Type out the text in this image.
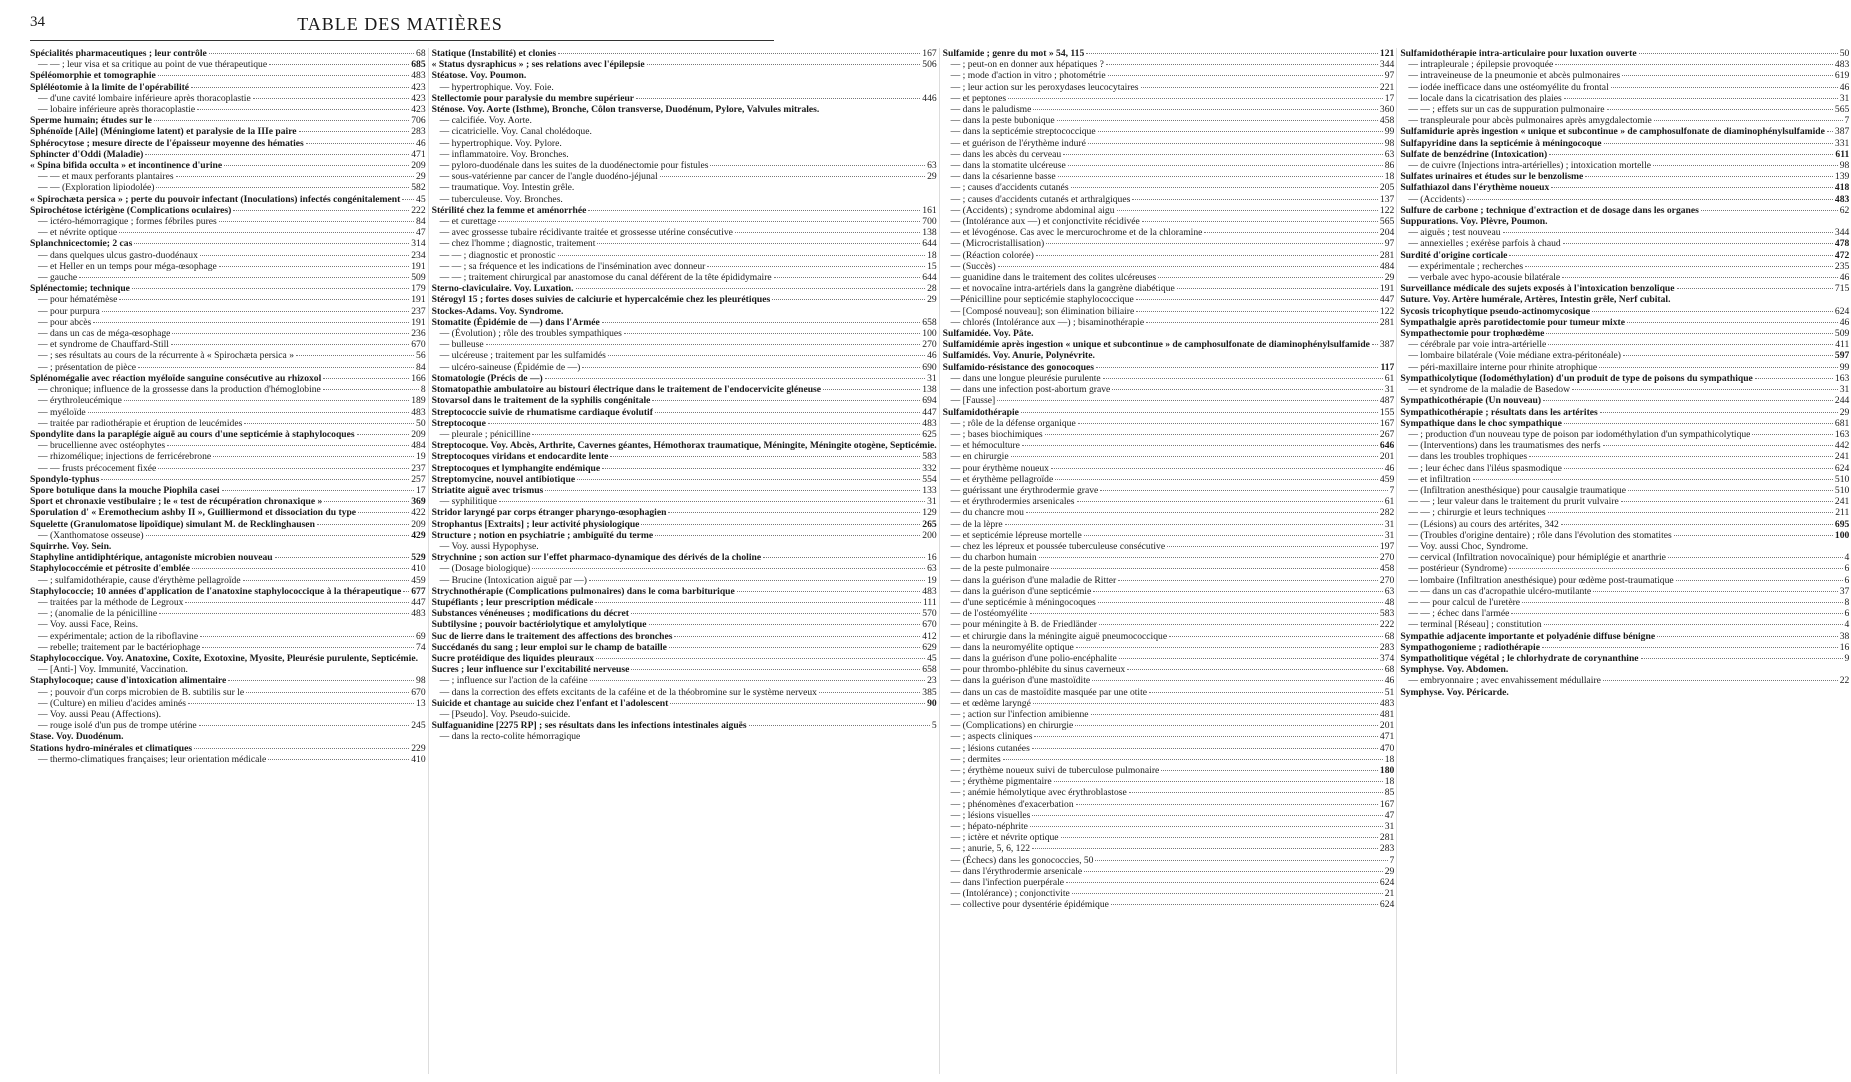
34	TABLE DES MATIÈRES
Spécialités pharmaceutiques ; leur contrôle	68
— — ; leur visa et sa critique au point de vue thérapeutique	685
Spéléomorphie et tomographie	483
Spléléotomie à la limite de l'opérabilité	423
— d'une cavité lombaire inférieure après thoracoplastie	423
— lobaire inférieure après thoracoplastie	423
Sperme humain; études sur le	706
Sphénoïde [Aile] (Méningiome latent) et paralysie de la IIIe paire	283
Sphérocytose ; mesure directe de l'épaisseur moyenne des hématies	46
Sphincter d'Oddi (Maladie)	471
« Spina bifida occulta » et incontinence d'urine	209
— — et maux perforants plantaires	29
— — (Exploration lipiodolée)	582
« Spirochæta persica » ; perte du pouvoir infectant (Inoculations) infectés congénitalement 45
Spirochétose ictérigène (Complications oculaires)	222
— ictéro-hémorragique ; formes fébriles pures	84
— et névrite optique	47
Splanchnicectomie; 2 cas	314
— dans quelques ulcus gastro-duodénaux	234
— et Heller en un temps pour méga-œsophage	191
— gauche	509
Splénectomie; technique	179
— pour hématémèse	191
— pour purpura	237
— pour abcès	191
— dans un cas de méga-œsophage	236
— et syndrome de Chauffard-Still	670
— ; ses résultats au cours de la récurrente à « Spirochæta persica »	56
— ; présentation de pièce	84
Splénomégalie avec réaction myéloïde sanguine consécutive au rhizoxol	166
— chronique; influence de la grossesse dans la production d'hémoglobine	8
— érythroleucémique	189
— myéloïde	483
— traitée par radiothérapie et éruption de leucémides	50
Spondylite dans la paraplégie aiguë au cours d'une septicémie à staphylocoques	209
— brucellienne avec ostéophytes	484
— rhizomélique; injections de ferricérebrone	19
— — frusts précocement fixée	237
Spondylo-typhus	257
Spore botulique dans la mouche Piophila casei	17
Sport et chronaxie vestibulaire ; le « test de récupération chronaxique »	369
Sporulation d' « Eremothecium ashby II », Guilliermond et dissociation du type	422
Squelette (Granulomatose lipoïdique) simulant M. de Recklinghausen	209
— (Xanthomatose osseuse)	429
Squirrhe. Voy. Sein.
Staphyline antidiphtérique, antagoniste microbien nouveau	529
Staphylococcémie et pétrosite d'emblée	410
— ; sulfamidothérapie, cause d'érythème pellagroïde	459
Staphylococcie; 10 années d'application de l'anatoxine staphylococcique à la thérapeutique 677
— traitées par la méthode de Legroux	447
— ; (anomalie de la pénicilline	483
— Voy. aussi Face, Reins.
— expérimentale; action de la riboflavine	69
— rebelle; traitement par le bactériophage	74
Staphylococcique. Voy. Anatoxine, Coxite, Exotoxine, Myosite, Pleurésie purulente, Septicémie.
— [Anti-] Voy. Immunité, Vaccination.
Staphylocoque; cause d'intoxication alimentaire	98
— ; pouvoir d'un corps microbien de B. subtilis sur le	670
— (Culture) en milieu d'acides aminés	13
— Voy. aussi Peau (Affections).
— rouge isolé d'un pus de trompe utérine	245
Stase. Voy. Duodénum.
Stations hydro-minérales et climatiques	229
— thermo-climatiques françaises; leur orientation médicale	410
Statique (Instabilité) et clonies	167
« Status dysraphicus » ; ses relations avec l'épilepsie	506
Stéatose. Voy. Poumon.
— hypertrophique. Voy. Foie.
Stellectomie pour paralysie du membre supérieur	446
Sténose. Voy. Aorte (Isthme), Bronche, Côlon transverse, Duodénum, Pylore, Valvules mitrales.
— calcifiée. Voy. Aorte.
— cicatricielle. Voy. Canal cholédoque.
— hypertrophique. Voy. Pylore.
— inflammatoire. Voy. Bronches.
— pyloro-duodénale dans les suites de la duodénectomie pour fistules	63
— sous-vatérienne par cancer de l'angle duodéno-jéjunal	29
— traumatique. Voy. Intestin grêle.
— tuberculeuse. Voy. Bronches.
Stérilité chez la femme et aménorrhée	161
— et curettage	700
— avec grossesse tubaire récidivante traitée et grossesse utérine consécutive	138
— chez l'homme ; diagnostic, traitement	644
— — ; diagnostic et pronostic	18
— — ; sa fréquence et les indications de l'insémination avec donneur	15
— — ; traitement chirurgical par anastomose du canal déférent de la tête épididymaire	644
Sterno-claviculaire. Voy. Luxation.	28
Stérogyl 15 ; fortes doses suivies de calciurie et hypercalcémie chez les pleurétiques	29
Stockes-Adams. Voy. Syndrome.
Stomatite (Épidémie de —) dans l'Armée	658
— (Évolution) ; rôle des troubles sympathiques	100
— bulleuse	270
— ulcéreuse ; traitement par les sulfamidés	46
— ulcéro-saineuse (Épidémie de —)	690
Stomatologie (Précis de —)	31
Stomatopathie ambulatoire au bistouri électrique dans le traitement de l'endocervicite gléneuse	138
Stovarsol dans le traitement de la syphilis congénitale	694
Streptococcie suivie de rhumatisme cardiaque évolutif	447
Streptocoque	483
— pleurale ; pénicilline	625
Streptocoque. Voy. Abcès, Arthrite, Cavernes géantes, Hémothorax traumatique, Méningite, Méningite otogène, Septicémie.
Streptocoques viridans et endocardite lente	583
Streptocoques et lymphangite endémique	332
Streptomycine, nouvel antibiotique	554
Striatite aiguë avec trismus	133
— syphilitique	31
Stridor laryngé par corps étranger pharyngo-œsophagien	129
Strophantus [Extraits] ; leur activité physiologique	265
Structure ; notion en psychiatrie ; ambiguïté du terme	200
— Voy. aussi Hypophyse.
Strychnine ; son action sur l'effet pharmaco-dynamique des dérivés de la choline	16
— (Dosage biologique)	63
— Brucine (Intoxication aiguë par —)	19
Strychnothérapie (Complications pulmonaires) dans le coma barbiturique	483
Stupéfiants ; leur prescription médicale	111
Substances vénéneuses ; modifications du décret	570
Subtilysine ; pouvoir bactériolytique et amylolytique	670
Suc de lierre dans le traitement des affections des bronches	412
Succédanés du sang ; leur emploi sur le champ de bataille	629
Sucre protéidique des liquides pleuraux	45
Sucres ; leur influence sur l'excitabilité nerveuse	658
— ; influence sur l'action de la caféine	23
— dans la correction des effets excitants de la caféine et de la théobromine sur le système nerveux	385
Suicide et chantage au suicide chez l'enfant et l'adolescent	90
— [Pseudo]. Voy. Pseudo-suicide.
Sulfaguanidine [2275 RP] ; ses résultats dans les infections intestinales aiguës	5
— dans la recto-colite hémorragique
Sulfamide ; genre du mot » 54, 115	121
— ; peut-on en donner aux hépatiques ?	344
— ; mode d'action in vitro ; photométrie	97
— ; leur action sur les peroxydases leucocytaires	221
— et peptones	17
— dans le paludisme	360
— dans la peste bubonique	458
— dans la septicémie streptococcique	99
— et guérison de l'érythème induré	98
— dans les abcès du cerveau	63
— dans la stomatite ulcéreuse	86
— dans la césarienne basse	18
— ; causes d'accidents cutanés	205
— ; causes d'accidents cutanés et arthralgiques	137
— (Accidents) ; syndrome abdominal aigu	122
— (Intolérance aux —) et conjonctivite récidivée	565
— et lévogénose. Cas avec le mercurochrome et de la chloramine	204
— (Microcristallisation)	97
— (Réaction colorée)	281
— (Succès)	484
— guanidine dans le traitement des colites ulcéreuses	29
— et novocaïne intra-artériels dans la gangrène diabétique	191
—Pénicilline pour septicémie staphylococcique	447
— [Composé nouveau]; son élimination biliaire	122
— chlorés (Intolérance aux —) ; bisaminothérapie	281
Sulfamidée. Voy. Pâte.
Sulfamidémie après ingestion « unique et subcontinue » de camphosulfonate de diaminophénylsulfamide 387
Sulfamidés. Voy. Anurie, Polynévrite.
Sulfamido-résistance des gonocoques	117
— dans une longue pleurésie purulente	61
— dans une infection post-abortum grave	31
— [Fausse]	487
Sulfamidothérapie	155
— ; rôle de la défense organique	167
— ; bases biochimiques	267
— et hémoculture	646
— en chirurgie	201
— pour érythème noueux	46
— et érythème pellagroïde	459
— guérissant une érythrodermie grave	7
— et érythrodermies arsenicales	61
— du chancre mou	282
— de la lèpre	31
— et septicémie lépreuse mortelle	31
— chez les lépreux et poussée tuberculeuse consécutive	197
— du charbon humain	270
— de la peste pulmonaire	458
— dans la guérison d'une maladie de Ritter	270
— dans la guérison d'une septicémie	63
— d'une septicémie à méningocoques	48
— de l'ostéomyélite	583
— pour méningite à B. de Friedländer	222
— et chirurgie dans la méningite aiguë pneumococcique	68
— dans la neuromyélite optique	283
— dans la guérison d'une polio-encéphalite	374
— pour thrombo-phlébite du sinus caverneux	68
— dans la guérison d'une mastoïdite	46
— dans un cas de mastoïdite masquée par une otite	51
— et œdème laryngé	483
— ; action sur l'infection amibienne	481
— (Complications) en chirurgie	201
— ; aspects cliniques	471
— ; lésions cutanées	470
— ; dermites	18
— ; érythème noueux suivi de tuberculose pulmonaire	180
— ; érythème pigmentaire	18
— ; anémie hémolytique avec érythroblastose	85
— ; phénomènes d'exacerbation	167
— ; lésions visuelles	47
— ; hépato-néphrite	31
— ; ictère et névrite optique	281
— ; anurie, 5, 6, 122	283
— (Échecs) dans les gonococcies, 50	7
— dans l'érythrodermie arsenicale	29
— dans l'infection puerpérale	624
— (Intolérance) ; conjonctivite	21
— collective pour dysentérie épidémique	624
Sulfamidothérapie intra-articulaire pour luxation ouverte	50
— intrapleurale ; épilepsie provoquée	483
— intraveineuse de la pneumonie et abcès pulmonaires	619
— iodée inefficace dans une ostéomyélite du frontal	46
— locale dans la cicatrisation des plaies	31
— — ; effets sur un cas de suppuration pulmonaire	565
— transpleurale pour abcès pulmonaires après amygdalectomie	7
Sulfamidurie après ingestion « unique et subcontinue » de camphosulfonate de diaminophénylsulfamide 387
Sulfapyridine dans la septicémie à méningocoque	331
Sulfate de benzédrine (Intoxication)	611
— de cuivre (Injections intra-artérielles) ; intoxication mortelle	98
Sulfates urinaires et études sur le benzolisme	139
Sulfathiazol dans l'érythème noueux	418
— (Accidents)	483
Sulfure de carbone ; technique d'extraction et de dosage dans les organes	62
Suppurations. Voy. Plèvre, Poumon.
— aiguës ; test nouveau	344
— annexielles ; exérèse parfois à chaud	478
Surdité d'origine corticale	472
— expérimentale ; recherches	235
— verbale avec hypo-acousie bilatérale	46
Surveillance médicale des sujets exposés à l'intoxication benzolique	715
Suture. Voy. Artère humérale, Artères, Intestin grêle, Nerf cubital.
Sycosis tricophytique pseudo-actinomycosique	624
Sympathalgie après parotidectomie pour tumeur mixte	46
Sympathectomie pour trophœdème	509
— cérébrale par voie intra-artérielle	411
— lombaire bilatérale (Voie médiane extra-péritonéale)	597
— péri-maxillaire interne pour rhinite atrophique	99
Sympathicolytique (Iodométhylation) d'un produit de type de poisons du sympathique	163
— et syndrome de la maladie de Basedow	31
Sympathicothérapie (Un nouveau)	244
Sympathicothérapie ; résultats dans les artérites	29
Sympathique dans le choc sympathique	681
— ; production d'un nouveau type de poison par iodométhylation d'un sympathicolytique	163
— (Interventions) dans les traumatismes des nerfs	442
— dans les troubles trophiques	241
— ; leur échec dans l'iléus spasmodique	624
— et infiltration	510
— (Infiltration anesthésique) pour causalgie traumatique	510
— — ; leur valeur dans le traitement du prurit vulvaire	241
— — ; chirurgie et leurs techniques	211
— (Lésions) au cours des artérites, 342	695
— (Troubles d'origine dentaire) ; rôle dans l'évolution des stomatites	100
— Voy. aussi Choc, Syndrome.
— cervical (Infiltration novocaïnique) pour hémiplégie et anarthrie	4
— postérieur (Syndrome)	6
— lombaire (Infiltration anesthésique) pour œdème post-traumatique	6
— — dans un cas d'acropathie ulcéro-mutilante	37
— — pour calcul de l'uretère	8
— — ; échec dans l'armée	6
— terminal [Réseau] ; constitution	4
Sympathie adjacente importante et polyadénie diffuse bénigne	38
Sympathogonieme ; radiothérapie	16
Sympatholitique végétal ; le chlorhydrate de corynanthine	9
Symphyse. Voy. Abdomen.
— embryonnaire ; avec envahissement médullaire	22
Symphyse. Voy. Péricarde.
